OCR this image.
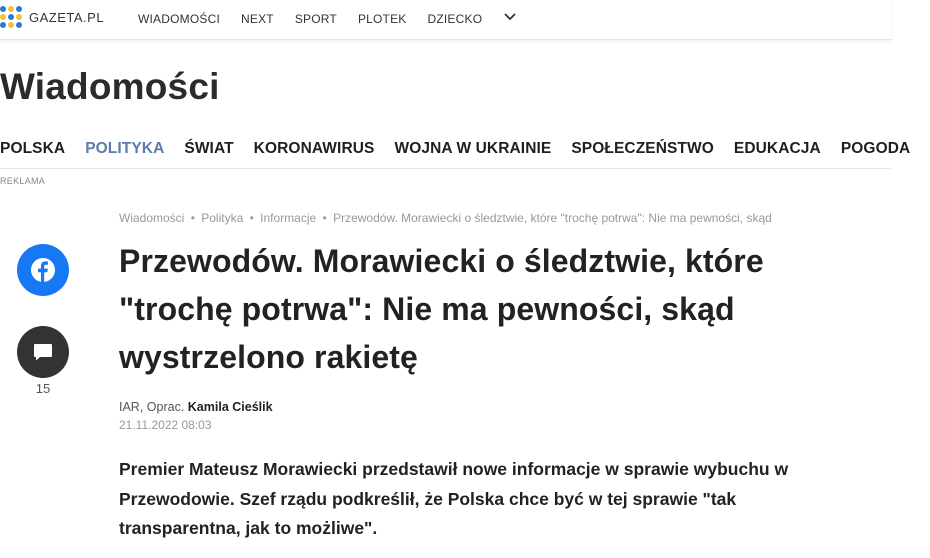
GAZETA.PL	WIADOMOŚCI NEXT SPORT PLOTEK DZIECKO
Wiadomości
POLSKA POLITYKA ŚWIAT KORONAWIRUS WOJNA W UKRAINIE SPOŁECZEŃSTWO EDUKACJA POGODA
REKLAMA
15
Wiadomości • Polityka • Informacje • Przewodów. Morawiecki o śledztwie, które "trochę potrwa": Nie ma pewności, skąd
Przewodów. Morawiecki o śledztwie, które "trochę potrwa": Nie ma pewności, skąd wystrzelono rakietę
IAR, Oprac. Kamila Cieślik
21.11.2022 08:03

Premier Mateusz Morawiecki przedstawił nowe informacje w sprawie wybuchu w Przewodowie. Szef rządu podkreślił, że Polska chce być w tej sprawie "tak transparentna, jak to możliwe".
